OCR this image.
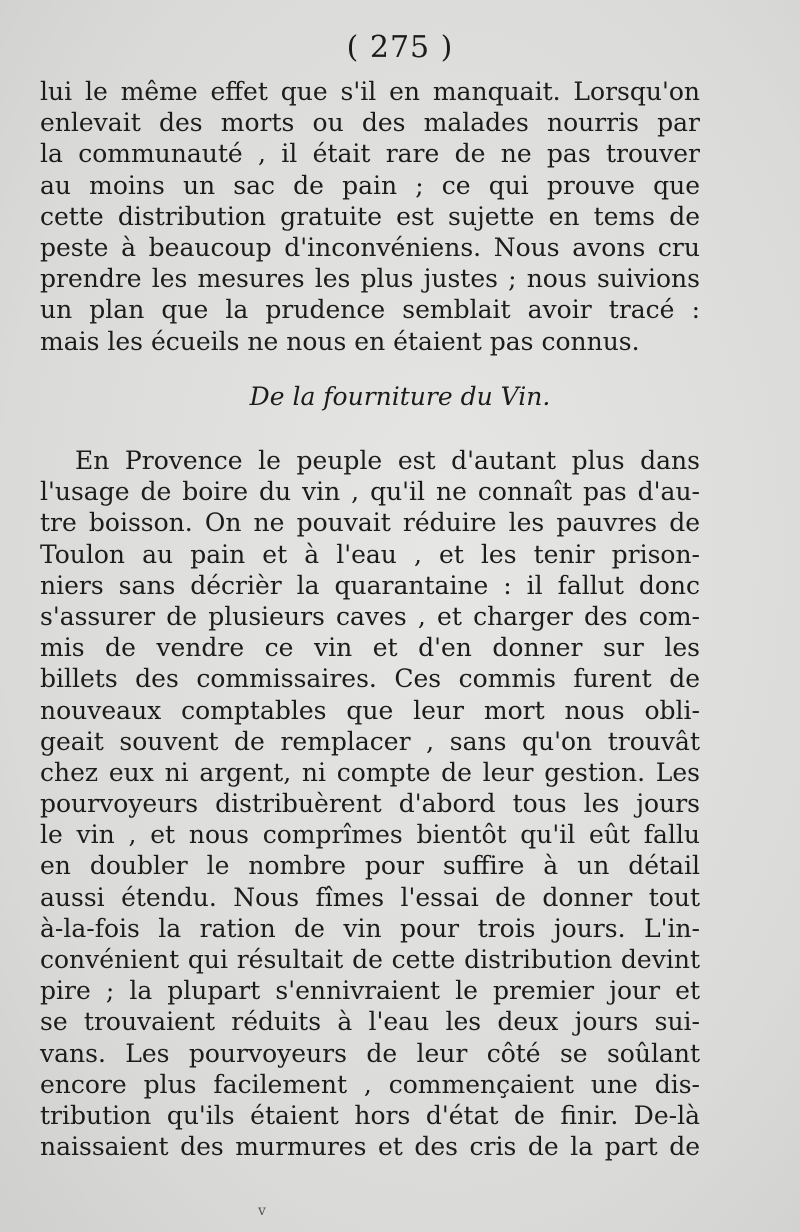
( 275 )
lui le même effet que s'il en manquait. Lorsqu'on
enlevait des morts ou des malades nourris par
la communauté , il était rare de ne pas trouver
au moins un sac de pain ; ce qui prouve que
cette distribution gratuite est sujette en tems de
peste à beaucoup d'inconvéniens. Nous avons cru
prendre les mesures les plus justes ; nous suivions
un plan que la prudence semblait avoir tracé :
mais les écueils ne nous en étaient pas connus.
De la fourniture du Vin.
En Provence le peuple est d'autant plus dans
l'usage de boire du vin , qu'il ne connaît pas d'au-
tre boisson. On ne pouvait réduire les pauvres de
Toulon au pain et à l'eau , et les tenir prison-
niers sans décrièr la quarantaine : il fallut donc
s'assurer de plusieurs caves , et charger des com-
mis de vendre ce vin et d'en donner sur les
billets des commissaires. Ces commis furent de
nouveaux comptables que leur mort nous obli-
geait souvent de remplacer , sans qu'on trouvât
chez eux ni argent, ni compte de leur gestion. Les
pourvoyeurs distribuèrent d'abord tous les jours
le vin , et nous comprîmes bientôt qu'il eût fallu
en doubler le nombre pour suffire à un détail
aussi étendu. Nous fîmes l'essai de donner tout
à-la-fois la ration de vin pour trois jours. L'in-
convénient qui résultait de cette distribution devint
pire ; la plupart s'ennivraient le premier jour et
se trouvaient réduits à l'eau les deux jours sui-
vans. Les pourvoyeurs de leur côté se soûlant
encore plus facilement , commençaient une dis-
tribution qu'ils étaient hors d'état de finir. De-là
naissaient des murmures et des cris de la part de
v
